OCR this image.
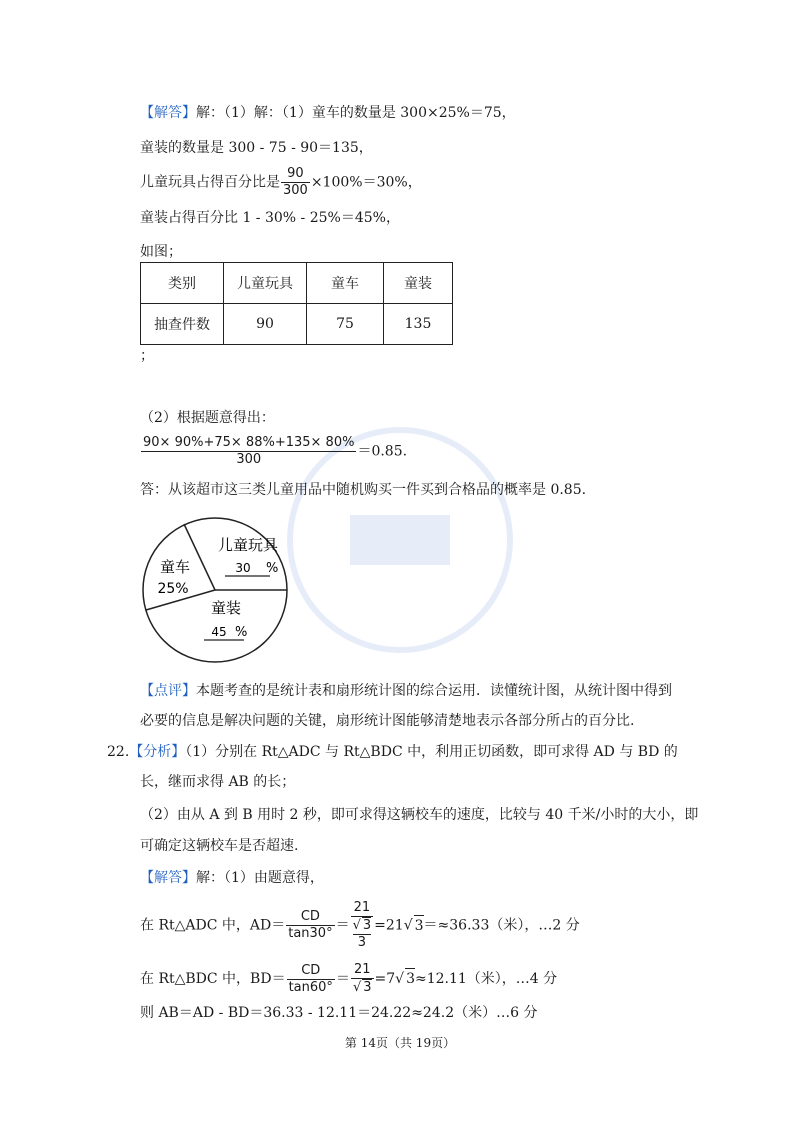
【解答】解：（1）解：（1）童车的数量是 300×25%＝75，
童装的数量是 300 - 75 - 90＝135，
儿童玩具占得百分比是 $\frac{90}{300} \times 100\%=30\%$，
童装占得百分比 1 - 30% - 25%＝45%，
如图；
类别	儿童玩具	童车	童装
抽查件数	90	75	135
；
（2）根据题意得出：
$\frac{90\times 90\%+75\times 88\%+135\times 80\%}{300} =0.85$.
答：从该超市这三类儿童用品中随机购买一件买到合格品的概率是 0.85.
儿童玩具
30 %
童车
25%
童装
45 %
【点评】本题考查的是统计表和扇形统计图的综合运用．读懂统计图，从统计图中得到
必要的信息是解决问题的关键，扇形统计图能够清楚地表示各部分所占的百分比.
22.【分析】（1）分别在 Rt△ADC 与 Rt△BDC 中，利用正切函数，即可求得 AD 与 BD 的
长，继而求得 AB 的长；
（2）由从 A 到 B 用时 2 秒，即可求得这辆校车的速度，比较与 40 千米/小时的大小，即
可确定这辆校车是否超速.
【解答】解：（1）由题意得，
在 Rt△ADC 中，$AD= \frac{CD}{\tan 30^\circ} = \frac{21}{\frac{√ 3}{3}} =21√$ 3＝≈36.33（米），…2 分
在 Rt△BDC 中，$BD= \frac{CD}{\tan 60^\circ} = \frac{21}{√ 3} =7√$ 3≈12.11（米），…4 分
则 AB＝AD - BD＝36.33 - 12.11＝24.22≈24.2（米）…6 分
第 14页（共 19页）
